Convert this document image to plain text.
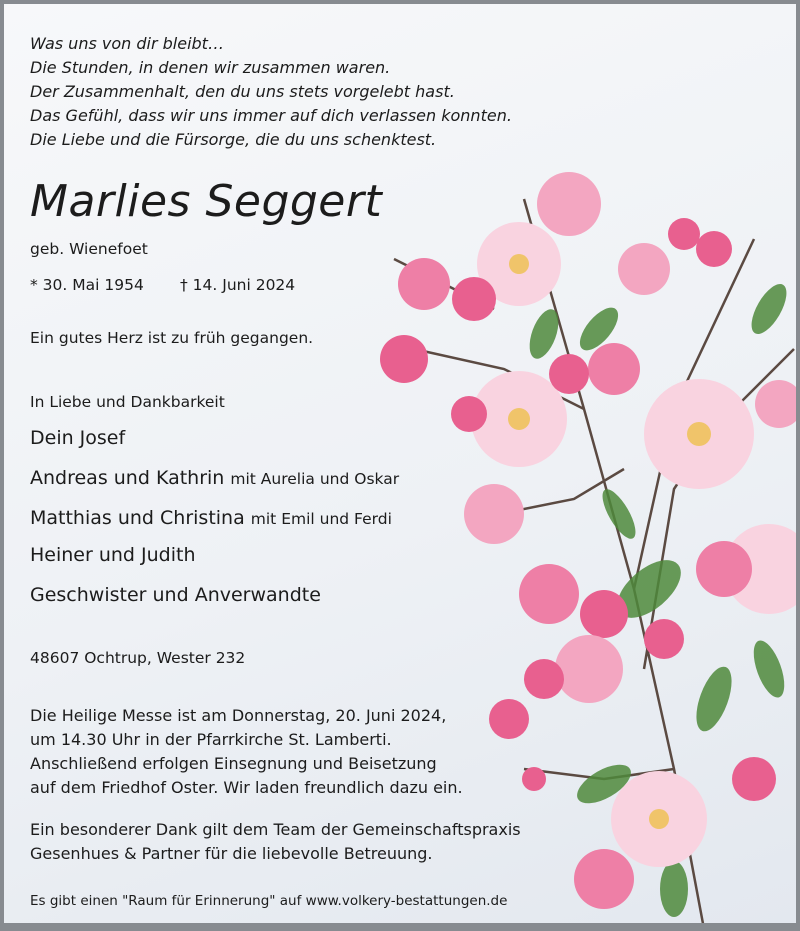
Was uns von dir bleibt…
Die Stunden, in denen wir zusammen waren.
Der Zusammenhalt, den du uns stets vorgelebt hast.
Das Gefühl, dass wir uns immer auf dich verlassen konnten.
Die Liebe und die Fürsorge, die du uns schenktest.
Marlies Seggert
geb. Wienefoet
* 30. Mai 1954 † 14. Juni 2024
Ein gutes Herz ist zu früh gegangen.
In Liebe und Dankbarkeit
Dein Josef
Andreas und Kathrin mit Aurelia und Oskar
Matthias und Christina mit Emil und Ferdi
Heiner und Judith
Geschwister und Anverwandte
48607 Ochtrup, Wester 232
Die Heilige Messe ist am Donnerstag, 20. Juni 2024,
um 14.30 Uhr in der Pfarrkirche St. Lamberti.
Anschließend erfolgen Einsegnung und Beisetzung
auf dem Friedhof Oster. Wir laden freundlich dazu ein.
Ein besonderer Dank gilt dem Team der Gemeinschaftspraxis
Gesenhues & Partner für die liebevolle Betreuung.
Es gibt einen "Raum für Erinnerung" auf www.volkery-bestattungen.de
